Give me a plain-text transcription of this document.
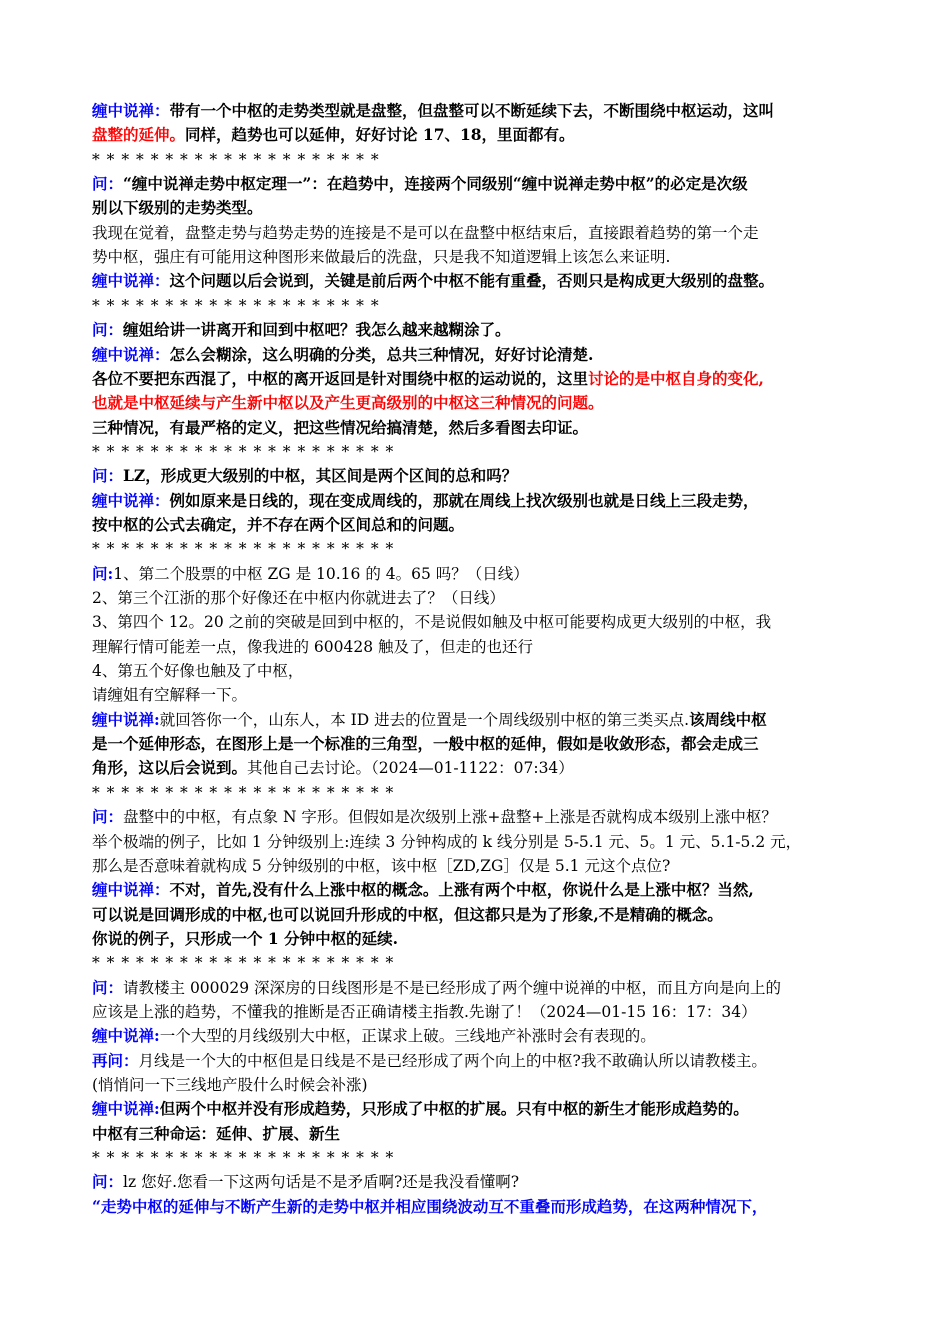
缠中说禅：带有一个中枢的走势类型就是盘整，但盘整可以不断延续下去，不断围绕中枢运动，这叫
盘整的延伸。同样，趋势也可以延伸，好好讨论 17、18，里面都有。
* * * * * * * * * * * * * * * * * * * *
问：“缠中说禅走势中枢定理一”：在趋势中，连接两个同级别“缠中说禅走势中枢”的必定是次级
别以下级别的走势类型。
我现在觉着，盘整走势与趋势走势的连接是不是可以在盘整中枢结束后，直接跟着趋势的第一个走
势中枢，强庄有可能用这种图形来做最后的洗盘，只是我不知道逻辑上该怎么来证明.
缠中说禅：这个问题以后会说到，关键是前后两个中枢不能有重叠，否则只是构成更大级别的盘整。
* * * * * * * * * * * * * * * * * * * *
问：缠姐给讲一讲离开和回到中枢吧？我怎么越来越糊涂了。
缠中说禅：怎么会糊涂，这么明确的分类，总共三种情况，好好讨论清楚.
各位不要把东西混了，中枢的离开返回是针对围绕中枢的运动说的，这里讨论的是中枢自身的变化,
也就是中枢延续与产生新中枢以及产生更高级别的中枢这三种情况的问题。
三种情况，有最严格的定义，把这些情况给搞清楚，然后多看图去印证。
* * * * * * * * * * * * * * * * * * * * *
问：LZ，形成更大级别的中枢，其区间是两个区间的总和吗？
缠中说禅：例如原来是日线的，现在变成周线的，那就在周线上找次级别也就是日线上三段走势，
按中枢的公式去确定，并不存在两个区间总和的问题。
* * * * * * * * * * * * * * * * * * * * *
问:1、第二个股票的中枢 ZG 是 10.16 的 4。65 吗？（日线）
2、第三个江浙的那个好像还在中枢内你就进去了？（日线）
3、第四个 12。20 之前的突破是回到中枢的，不是说假如触及中枢可能要构成更大级别的中枢，我
理解行情可能差一点，像我进的 600428 触及了，但走的也还行
4、第五个好像也触及了中枢，
请缠姐有空解释一下。
缠中说禅:就回答你一个，山东人，本 ID 进去的位置是一个周线级别中枢的第三类买点.该周线中枢
是一个延伸形态，在图形上是一个标准的三角型，一般中枢的延伸，假如是收敛形态，都会走成三
角形，这以后会说到。其他自己去讨论。（2024—01-1122：07:34）
* * * * * * * * * * * * * * * * * * * * *
问：盘整中的中枢，有点象 N 字形。但假如是次级别上涨+盘整+上涨是否就构成本级别上涨中枢？
举个极端的例子，比如 1 分钟级别上:连续 3 分钟构成的 k 线分别是 5-5.1 元、5。1 元、5.1-5.2 元，
那么是否意味着就构成 5 分钟级别的中枢，该中枢［ZD,ZG］仅是 5.1 元这个点位?
缠中说禅：不对，首先,没有什么上涨中枢的概念。上涨有两个中枢，你说什么是上涨中枢？当然,
可以说是回调形成的中枢,也可以说回升形成的中枢，但这都只是为了形象,不是精确的概念。
你说的例子，只形成一个 1 分钟中枢的延续.
* * * * * * * * * * * * * * * * * * * * *
问：请教楼主 000029 深深房的日线图形是不是已经形成了两个缠中说禅的中枢，而且方向是向上的
应该是上涨的趋势，不懂我的推断是否正确请楼主指教.先谢了！（2024—01-15 16：17：34）
缠中说禅:一个大型的月线级别大中枢，正谋求上破。三线地产补涨时会有表现的。
再问：月线是一个大的中枢但是日线是不是已经形成了两个向上的中枢?我不敢确认所以请教楼主。
(悄悄问一下三线地产股什么时候会补涨)
缠中说禅:但两个中枢并没有形成趋势，只形成了中枢的扩展。只有中枢的新生才能形成趋势的。
中枢有三种命运：延伸、扩展、新生
* * * * * * * * * * * * * * * * * * * * *
问：lz 您好.您看一下这两句话是不是矛盾啊?还是我没看懂啊?
“走势中枢的延伸与不断产生新的走势中枢并相应围绕波动互不重叠而形成趋势，在这两种情况下，
